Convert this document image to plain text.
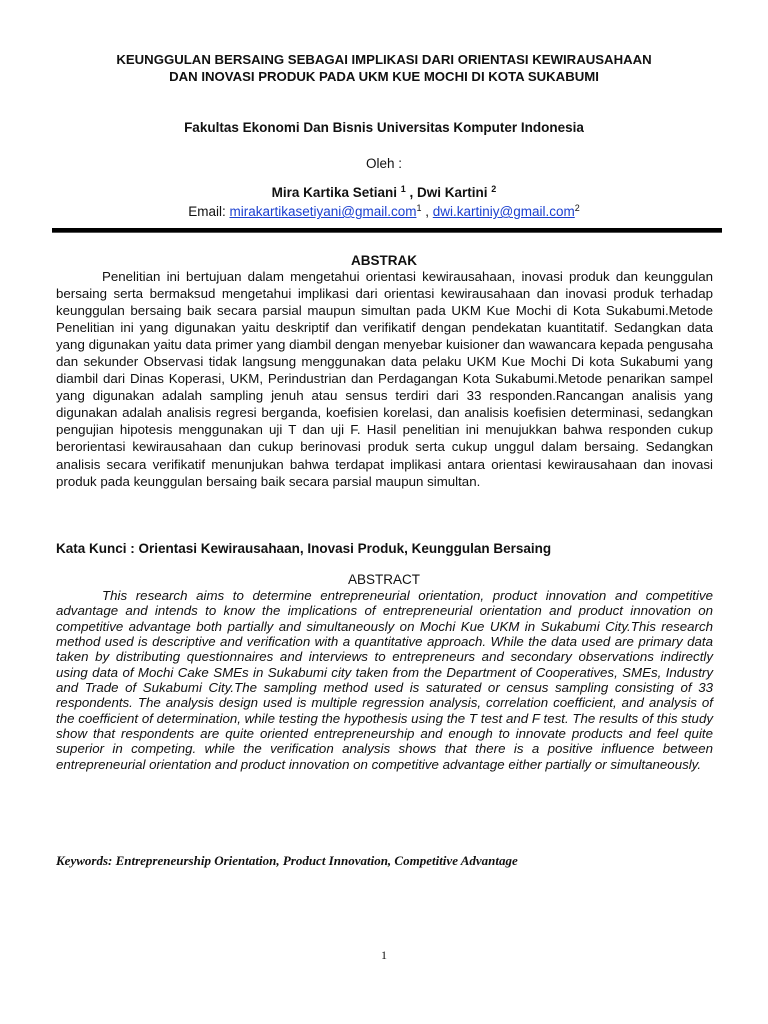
KEUNGGULAN BERSAING SEBAGAI IMPLIKASI DARI ORIENTASI KEWIRAUSAHAAN
DAN INOVASI PRODUK PADA UKM KUE MOCHI DI KOTA SUKABUMI
Fakultas Ekonomi Dan Bisnis Universitas Komputer Indonesia
Oleh :
Mira Kartika Setiani $^1$ , Dwi Kartini $^2$
Email: mirakartikasetiyani@gmail.com$^1$ , dwi.kartiniy@gmail.com$^2$
ABSTRAK

Penelitian ini bertujuan dalam mengetahui orientasi kewirausahaan, inovasi produk dan keunggulan bersaing serta bermaksud mengetahui implikasi dari orientasi kewirausahaan dan inovasi produk terhadap keunggulan bersaing baik secara parsial maupun simultan pada UKM Kue Mochi di Kota Sukabumi.Metode Penelitian ini yang digunakan yaitu deskriptif dan verifikatif dengan pendekatan kuantitatif. Sedangkan data yang digunakan yaitu data primer yang diambil dengan menyebar kuisioner dan wawancara kepada pengusaha dan sekunder Observasi tidak langsung menggunakan data pelaku UKM Kue Mochi Di kota Sukabumi yang diambil dari Dinas Koperasi, UKM, Perindustrian dan Perdagangan Kota Sukabumi.Metode penarikan sampel yang digunakan adalah sampling jenuh atau sensus terdiri dari 33 responden.Rancangan analisis yang digunakan adalah analisis regresi berganda, koefisien korelasi, dan analisis koefisien determinasi, sedangkan pengujian hipotesis menggunakan uji T dan uji F. Hasil penelitian ini menujukkan bahwa responden cukup berorientasi kewirausahaan dan cukup berinovasi produk serta cukup unggul dalam bersaing. Sedangkan analisis secara verifikatif menunjukan bahwa terdapat implikasi antara orientasi kewirausahaan dan inovasi produk pada keunggulan bersaing baik secara parsial maupun simultan.

Kata Kunci : Orientasi Kewirausahaan, Inovasi Produk, Keunggulan Bersaing
ABSTRACT

This research aims to determine entrepreneurial orientation, product innovation and competitive advantage and intends to know the implications of entrepreneurial orientation and product innovation on competitive advantage both partially and simultaneously on Mochi Kue UKM in Sukabumi City.This research method used is descriptive and verification with a quantitative approach. While the data used are primary data taken by distributing questionnaires and interviews to entrepreneurs and secondary observations indirectly using data of Mochi Cake SMEs in Sukabumi city taken from the Department of Cooperatives, SMEs, Industry and Trade of Sukabumi City.The sampling method used is saturated or census sampling consisting of 33 respondents. The analysis design used is multiple regression analysis, correlation coefficient, and analysis of the coefficient of determination, while testing the hypothesis using the T test and F test. The results of this study show that respondents are quite oriented entrepreneurship and enough to innovate products and feel quite superior in competing. while the verification analysis shows that there is a positive influence between entrepreneurial orientation and product innovation on competitive advantage either partially or simultaneously.

Keywords: Entrepreneurship Orientation, Product Innovation, Competitive Advantage
1
